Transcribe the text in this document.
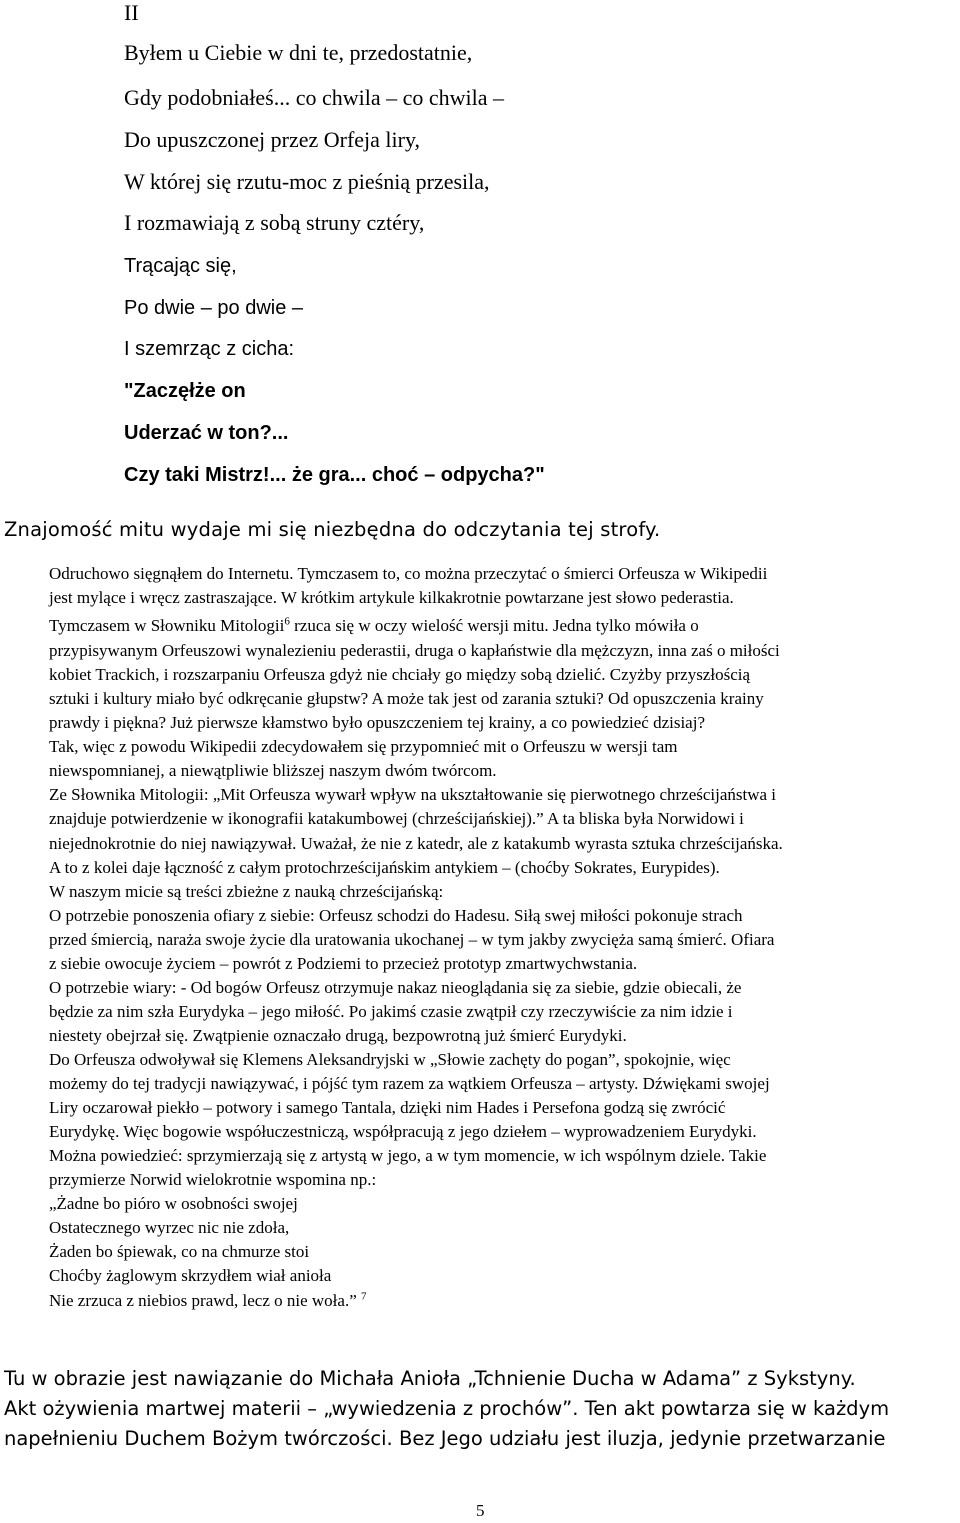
II
Byłem u Ciebie w dni te, przedostatnie,
Gdy podobniałeś... co chwila – co chwila –
Do upuszczonej przez Orfeja liry,
W której się rzutu-moc z pieśnią przesila,
I rozmawiają z sobą struny cztéry,
Trącając się,
Po dwie – po dwie –
I szemrząc z cicha:
"Zaczęłże on
Uderzać w ton?...
Czy taki Mistrz!... że gra... choć – odpycha?"
Znajomość mitu wydaje mi się niezbędna do odczytania tej strofy.
Odruchowo sięgnąłem do Internetu. Tymczasem to, co można przeczytać o śmierci Orfeusza w Wikipedii
jest mylące i wręcz zastraszające. W krótkim artykule kilkakrotnie powtarzane jest słowo pederastia.
Tymczasem w Słowniku Mitologii$^6$ rzuca się w oczy wielość wersji mitu. Jedna tylko mówiła o
przypisywanym Orfeuszowi wynalezieniu pederastii, druga o kapłaństwie dla mężczyzn, inna zaś o miłości
kobiet Trackich, i rozszarpaniu Orfeusza gdyż nie chciały go między sobą dzielić. Czyżby przyszłością
sztuki i kultury miało być odkręcanie głupstw? A może tak jest od zarania sztuki? Od opuszczenia krainy
prawdy i piękna? Już pierwsze kłamstwo było opuszczeniem tej krainy, a co powiedzieć dzisiaj?
Tak, więc z powodu Wikipedii zdecydowałem się przypomnieć mit o Orfeuszu w wersji tam
niewspomnianej, a niewątpliwie bliższej naszym dwóm twórcom.
Ze Słownika Mitologii: „Mit Orfeusza wywarł wpływ na ukształtowanie się pierwotnego chrześcijaństwa i
znajduje potwierdzenie w ikonografii katakumbowej (chrześcijańskiej).” A ta bliska była Norwidowi i
niejednokrotnie do niej nawiązywał. Uważał, że nie z katedr, ale z katakumb wyrasta sztuka chrześcijańska.
A to z kolei daje łączność z całym protochrześcijańskim antykiem – (choćby Sokrates, Eurypides).
W naszym micie są treści zbieżne z nauką chrześcijańską:
O potrzebie ponoszenia ofiary z siebie: Orfeusz schodzi do Hadesu. Siłą swej miłości pokonuje strach
przed śmiercią, naraża swoje życie dla uratowania ukochanej – w tym jakby zwycięża samą śmierć. Ofiara
z siebie owocuje życiem – powrót z Podziemi to przecież prototyp zmartwychwstania.
O potrzebie wiary: - Od bogów Orfeusz otrzymuje nakaz nieoglądania się za siebie, gdzie obiecali, że
będzie za nim szła Eurydyka – jego miłość. Po jakimś czasie zwątpił czy rzeczywiście za nim idzie i
niestety obejrzał się. Zwątpienie oznaczało drugą, bezpowrotną już śmierć Eurydyki.
Do Orfeusza odwoływał się Klemens Aleksandryjski w „Słowie zachęty do pogan”, spokojnie, więc
możemy do tej tradycji nawiązywać, i pójść tym razem za wątkiem Orfeusza – artysty. Dźwiękami swojej
Liry oczarował piekło – potwory i samego Tantala, dzięki nim Hades i Persefona godzą się zwrócić
Eurydykę. Więc bogowie współuczestniczą, współpracują z jego dziełem – wyprowadzeniem Eurydyki.
Można powiedzieć: sprzymierzają się z artystą w jego, a w tym momencie, w ich wspólnym dziele. Takie
przymierze Norwid wielokrotnie wspomina np.:
„Żadne bo pióro w osobności swojej
Ostatecznego wyrzec nic nie zdoła,
Żaden bo śpiewak, co na chmurze stoi
Choćby żaglowym skrzydłem wiał anioła
Nie zrzuca z niebios prawd, lecz o nie woła.” $^7$
Tu w obrazie jest nawiązanie do Michała Anioła „Tchnienie Ducha w Adama” z Sykstyny.
Akt ożywienia martwej materii – „wywiedzenia z prochów”. Ten akt powtarza się w każdym
napełnieniu Duchem Bożym twórczości. Bez Jego udziału jest iluzja, jedynie przetwarzanie
5
